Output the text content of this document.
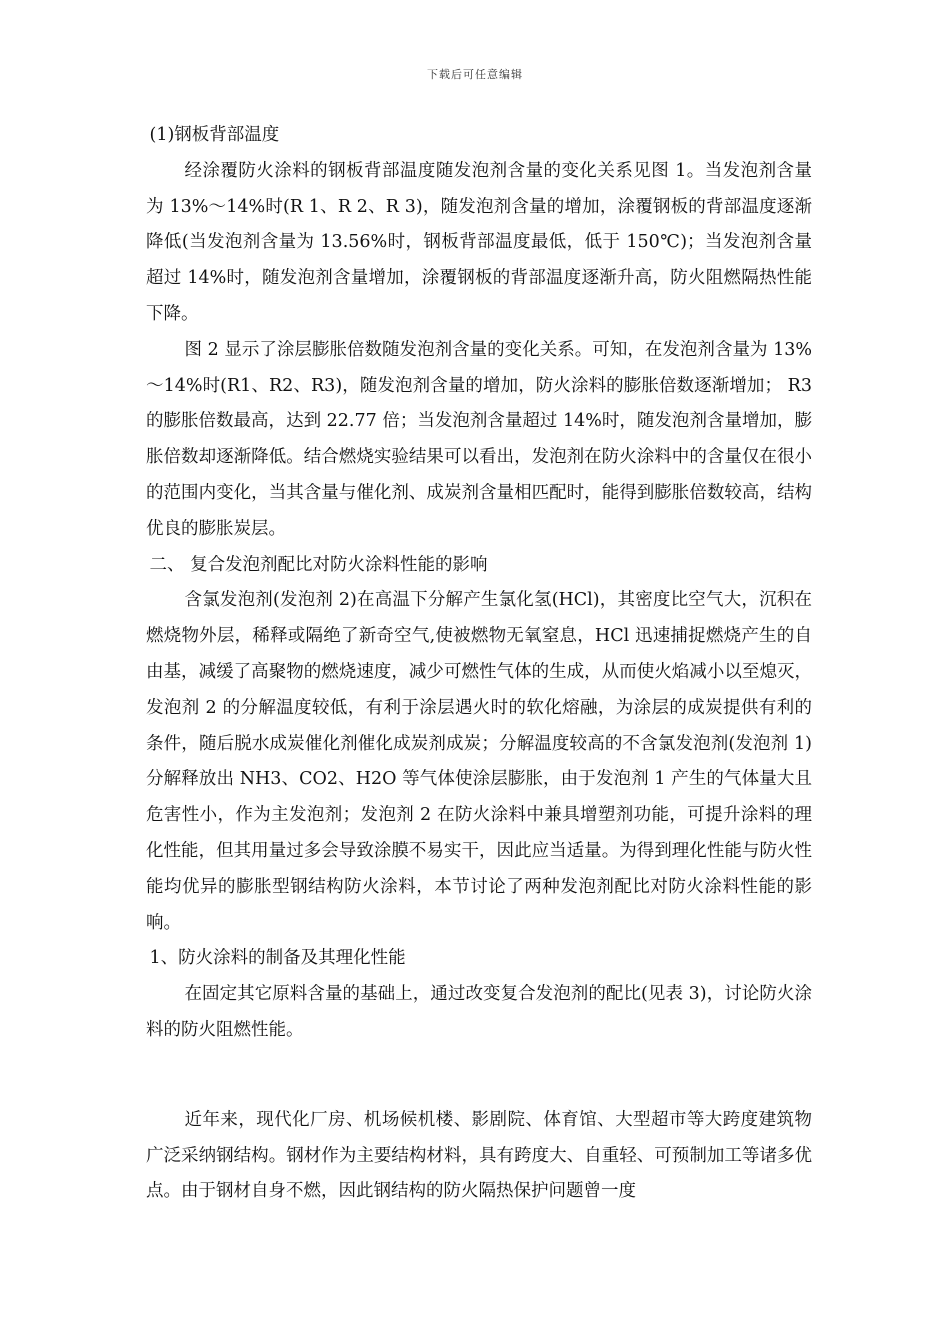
下载后可任意编辑

(1)钢板背部温度

经涂覆防火涂料的钢板背部温度随发泡剂含量的变化关系见图 1。当发泡剂含量为 13%～14%时(R 1、R 2、R 3)，随发泡剂含量的增加，涂覆钢板的背部温度逐渐降低(当发泡剂含量为 13.56%时，钢板背部温度最低，低于 150℃)；当发泡剂含量超过 14%时，随发泡剂含量增加，涂覆钢板的背部温度逐渐升高，防火阻燃隔热性能下降。

图 2 显示了涂层膨胀倍数随发泡剂含量的变化关系。可知，在发泡剂含量为 13%～14%时(R1、R2、R3)，随发泡剂含量的增加，防火涂料的膨胀倍数逐渐增加； R3 的膨胀倍数最高，达到 22.77 倍；当发泡剂含量超过 14%时，随发泡剂含量增加，膨胀倍数却逐渐降低。结合燃烧实验结果可以看出，发泡剂在防火涂料中的含量仅在很小的范围内变化，当其含量与催化剂、成炭剂含量相匹配时，能得到膨胀倍数较高，结构优良的膨胀炭层。

二、 复合发泡剂配比对防火涂料性能的影响

含氯发泡剂(发泡剂 2)在高温下分解产生氯化氢(HCl)，其密度比空气大，沉积在燃烧物外层，稀释或隔绝了新奇空气,使被燃物无氧窒息，HCl 迅速捕捉燃烧产生的自由基，减缓了高聚物的燃烧速度，减少可燃性气体的生成，从而使火焰减小以至熄灭，发泡剂 2 的分解温度较低，有利于涂层遇火时的软化熔融，为涂层的成炭提供有利的条件，随后脱水成炭催化剂催化成炭剂成炭；分解温度较高的不含氯发泡剂(发泡剂 1)分解释放出 NH3、CO2、H2O 等气体使涂层膨胀，由于发泡剂 1 产生的气体量大且危害性小，作为主发泡剂；发泡剂 2 在防火涂料中兼具增塑剂功能，可提升涂料的理化性能，但其用量过多会导致涂膜不易实干，因此应当适量。为得到理化性能与防火性能均优异的膨胀型钢结构防火涂料，本节讨论了两种发泡剂配比对防火涂料性能的影响。

1、防火涂料的制备及其理化性能

在固定其它原料含量的基础上，通过改变复合发泡剂的配比(见表 3)，讨论防火涂料的防火阻燃性能。

近年来，现代化厂房、机场候机楼、影剧院、体育馆、大型超市等大跨度建筑物广泛采纳钢结构。钢材作为主要结构材料，具有跨度大、自重轻、可预制加工等诸多优点。由于钢材自身不燃，因此钢结构的防火隔热保护问题曾一度
